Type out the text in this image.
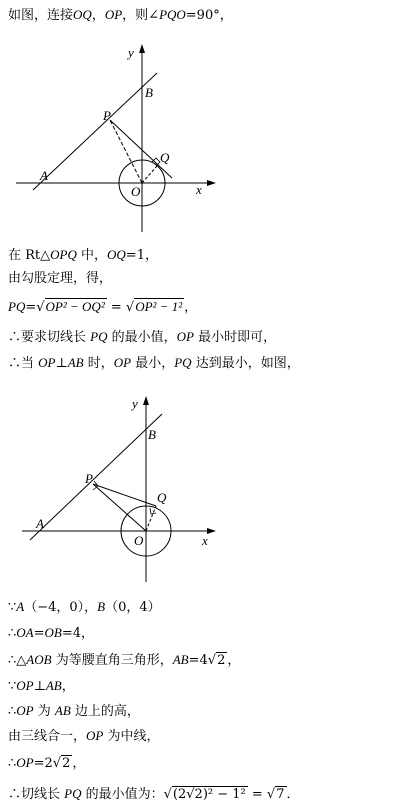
如图，连接OQ，OP，则∠PQO=90°，
y
x
B
P
Q
A
O
在 Rt△OPQ 中，OQ=1，
由勾股定理，得，
PQ=√OP² − OQ² = √OP² − 1² ，
∴要求切线长 PQ 的最小值，OP 最小时即可，
∴当 OP⊥AB 时，OP 最小，PQ 达到最小，如图，
y
x
B
P
Q
A
O
∵A（−4，0），B（0，4）
∴OA=OB=4，
∴△AOB 为等腰直角三角形，AB=4√2 ，
∵OP⊥AB，
∴OP 为 AB 边上的高，
由三线合一，OP 为中线，
∴OP=2√2 ，
∴切线长 PQ 的最小值为：√(2√2)² − 1² = √7 ．
